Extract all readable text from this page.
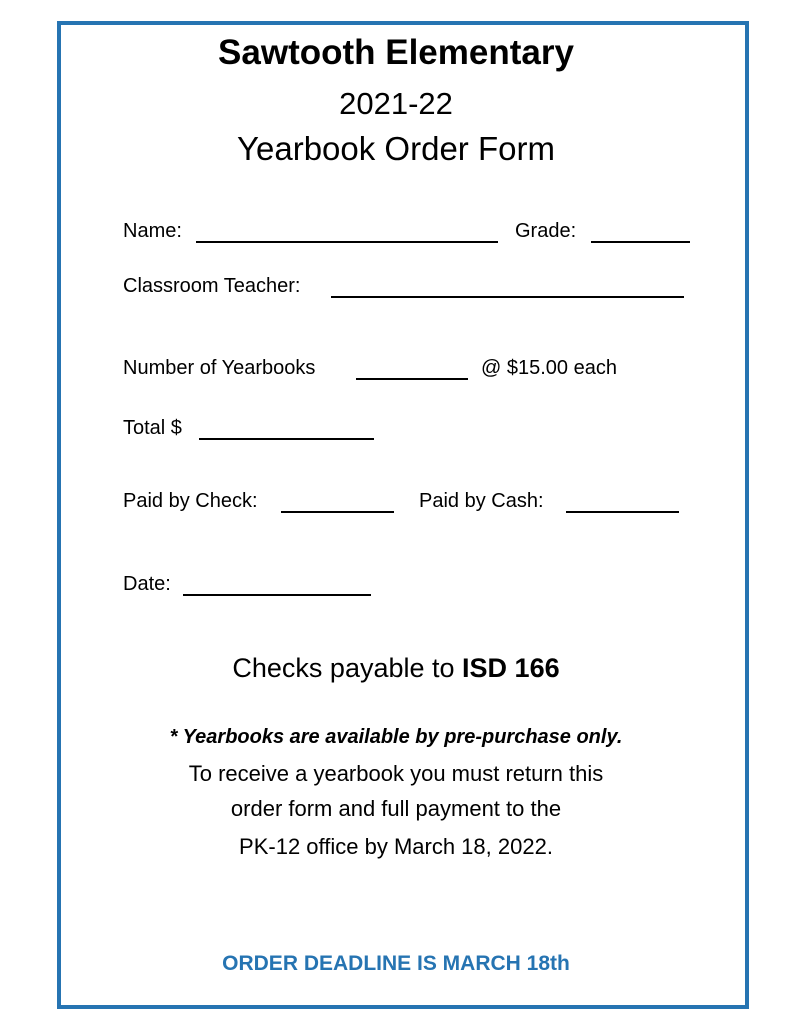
Sawtooth Elementary
2021-22
Yearbook Order Form
Name:	Grade:
Classroom Teacher:
Number of Yearbooks	@ $15.00 each
Total $
Paid by Check:	Paid by Cash:
Date:
Checks payable to ISD 166
* Yearbooks are available by pre-purchase only.
To receive a yearbook you must return this
order form and full payment to the
PK-12 office by March 18, 2022.
ORDER DEADLINE IS MARCH 18th
